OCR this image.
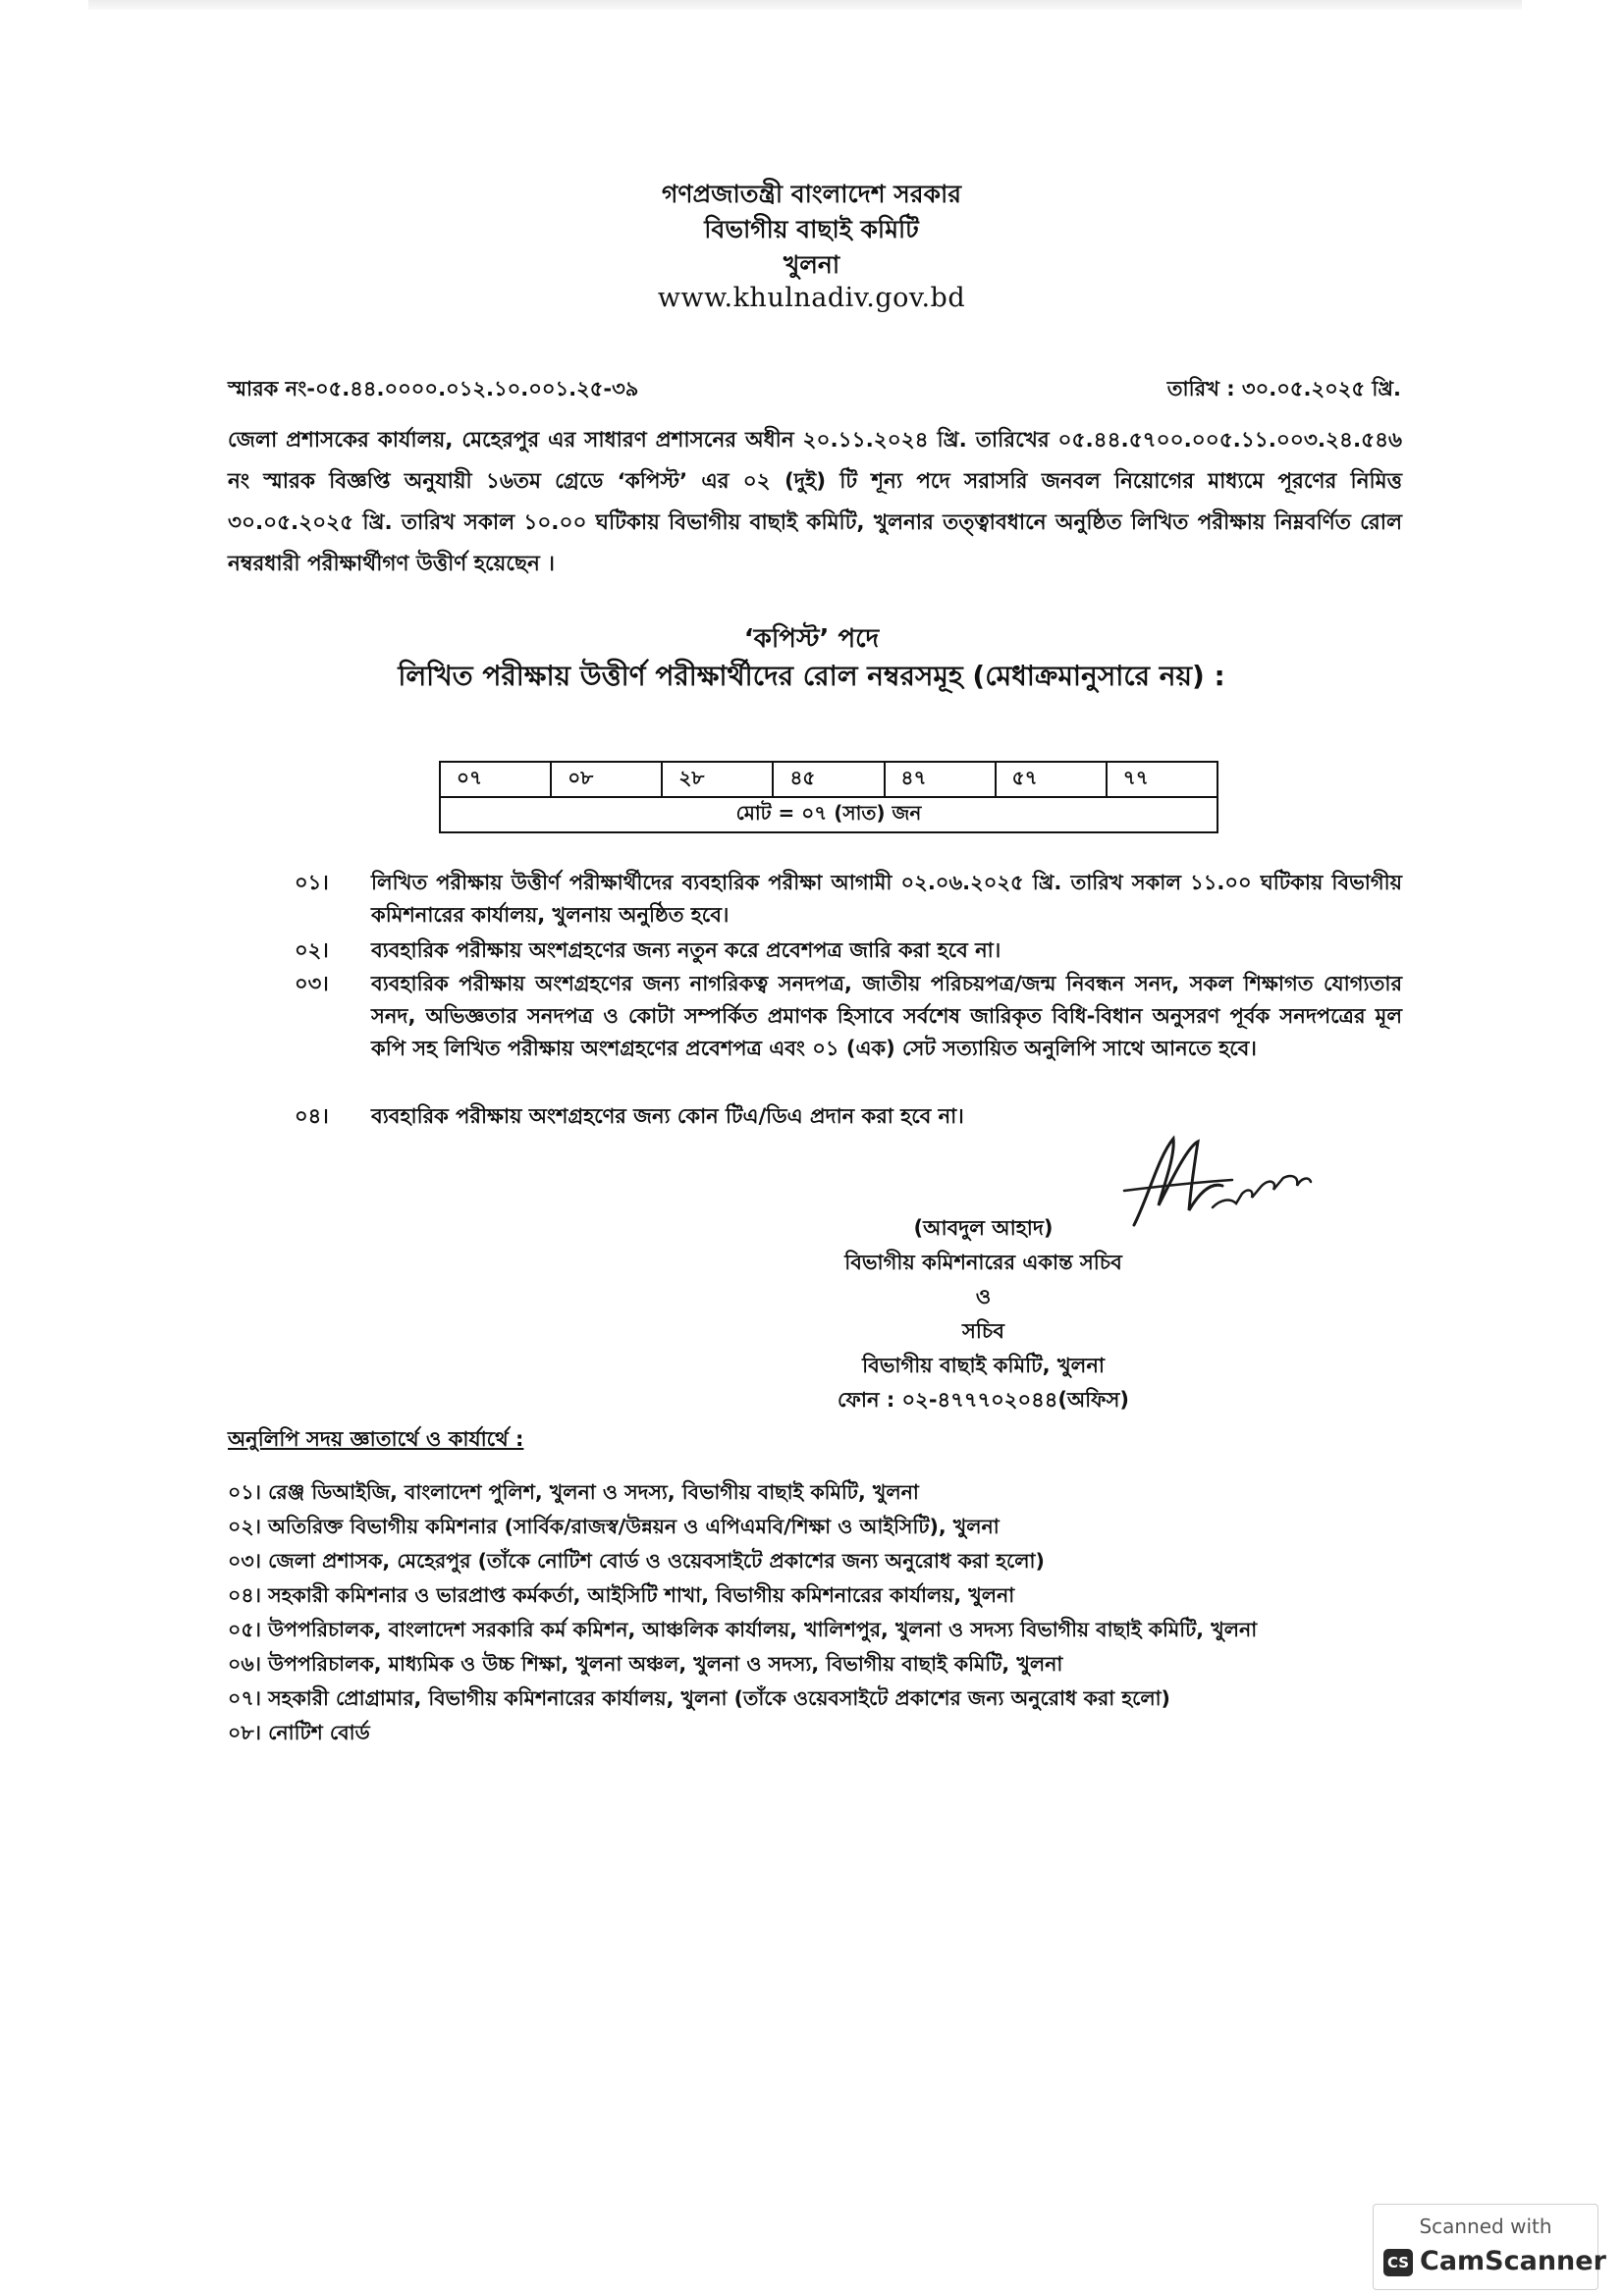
গণপ্রজাতন্ত্রী বাংলাদেশ সরকার
বিভাগীয় বাছাই কমিটি
খুলনা
www.khulnadiv.gov.bd
স্মারক নং-০৫.৪৪.০০০০.০১২.১০.০০১.২৫-৩৯	তারিখ : ৩০.০৫.২০২৫ খ্রি.
জেলা প্রশাসকের কার্যালয়, মেহেরপুর এর সাধারণ প্রশাসনের অধীন ২০.১১.২০২৪ খ্রি. তারিখের ০৫.৪৪.৫৭০০.০০৫.১১.০০৩.২৪.৫৪৬ নং স্মারক বিজ্ঞপ্তি অনুযায়ী ১৬তম গ্রেডে ‘কপিস্ট’ এর ০২ (দুই) টি শূন্য পদে সরাসরি জনবল নিয়োগের মাধ্যমে পূরণের নিমিত্ত ৩০.০৫.২০২৫ খ্রি. তারিখ সকাল ১০.০০ ঘটিকায় বিভাগীয় বাছাই কমিটি, খুলনার তত্ত্বাবধানে অনুষ্ঠিত লিখিত পরীক্ষায় নিম্নবর্ণিত রোল নম্বরধারী পরীক্ষার্থীগণ উত্তীর্ণ হয়েছেন ।
‘কপিস্ট’ পদে
লিখিত পরীক্ষায় উত্তীর্ণ পরীক্ষার্থীদের রোল নম্বরসমূহ (মেধাক্রমানুসারে নয়) :
০৭	০৮	২৮	৪৫	৪৭	৫৭	৭৭
মোট = ০৭ (সাত) জন
০১। লিখিত পরীক্ষায় উত্তীর্ণ পরীক্ষার্থীদের ব্যবহারিক পরীক্ষা আগামী ০২.০৬.২০২৫ খ্রি. তারিখ সকাল ১১.০০ ঘটিকায় বিভাগীয় কমিশনারের কার্যালয়, খুলনায় অনুষ্ঠিত হবে।
০২। ব্যবহারিক পরীক্ষায় অংশগ্রহণের জন্য নতুন করে প্রবেশপত্র জারি করা হবে না।
০৩। ব্যবহারিক পরীক্ষায় অংশগ্রহণের জন্য নাগরিকত্ব সনদপত্র, জাতীয় পরিচয়পত্র/জন্ম নিবন্ধন সনদ, সকল শিক্ষাগত যোগ্যতার সনদ, অভিজ্ঞতার সনদপত্র ও কোটা সম্পর্কিত প্রমাণক হিসাবে সর্বশেষ জারিকৃত বিধি-বিধান অনুসরণ পূর্বক সনদপত্রের মূল কপি সহ লিখিত পরীক্ষায় অংশগ্রহণের প্রবেশপত্র এবং ০১ (এক) সেট সত্যায়িত অনুলিপি সাথে আনতে হবে।
০৪। ব্যবহারিক পরীক্ষায় অংশগ্রহণের জন্য কোন টিএ/ডিএ প্রদান করা হবে না।
(আবদুল আহাদ)
বিভাগীয় কমিশনারের একান্ত সচিব
ও
সচিব
বিভাগীয় বাছাই কমিটি, খুলনা
ফোন : ০২-৪৭৭৭০২০৪৪(অফিস)
অনুলিপি সদয় জ্ঞাতার্থে ও কার্যার্থে :
০১। রেঞ্জ ডিআইজি, বাংলাদেশ পুলিশ, খুলনা ও সদস্য, বিভাগীয় বাছাই কমিটি, খুলনা
০২। অতিরিক্ত বিভাগীয় কমিশনার (সার্বিক/রাজস্ব/উন্নয়ন ও এপিএমবি/শিক্ষা ও আইসিটি), খুলনা
০৩। জেলা প্রশাসক, মেহেরপুর (তাঁকে নোটিশ বোর্ড ও ওয়েবসাইটে প্রকাশের জন্য অনুরোধ করা হলো)
০৪। সহকারী কমিশনার ও ভারপ্রাপ্ত কর্মকর্তা, আইসিটি শাখা, বিভাগীয় কমিশনারের কার্যালয়, খুলনা
০৫। উপপরিচালক, বাংলাদেশ সরকারি কর্ম কমিশন, আঞ্চলিক কার্যালয়, খালিশপুর, খুলনা ও সদস্য বিভাগীয় বাছাই কমিটি, খুলনা
০৬। উপপরিচালক, মাধ্যমিক ও উচ্চ শিক্ষা, খুলনা অঞ্চল, খুলনা ও সদস্য, বিভাগীয় বাছাই কমিটি, খুলনা
০৭। সহকারী প্রোগ্রামার, বিভাগীয় কমিশনারের কার্যালয়, খুলনা (তাঁকে ওয়েবসাইটে প্রকাশের জন্য অনুরোধ করা হলো)
০৮। নোটিশ বোর্ড
Scanned with
CS CamScanner
